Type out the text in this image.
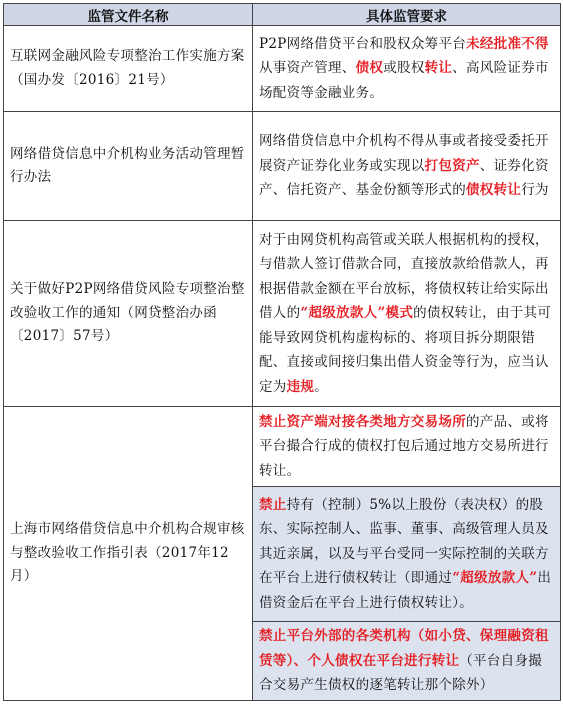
监管文件名称	具体监管要求
互联网金融风险专项整治工作实施方案（国办发〔2016〕21号）	P2P网络借贷平台和股权众筹平台未经批准不得从事资产管理、债权或股权转让、高风险证券市场配资等金融业务。
网络借贷信息中介机构业务活动管理暂行办法	网络借贷信息中介机构不得从事或者接受委托开展资产证券化业务或实现以打包资产、证券化资产、信托资产、基金份额等形式的债权转让行为
关于做好P2P网络借贷风险专项整治整改验收工作的通知（网贷整治办函〔2017〕57号）	对于由网贷机构高管或关联人根据机构的授权，与借款人签订借款合同，直接放款给借款人，再根据借款金额在平台放标，将债权转让给实际出借人的“超级放款人”模式的债权转让，由于其可能导致网贷机构虚构标的、将项目拆分期限错配、直接或间接归集出借人资金等行为，应当认定为违规。
上海市网络借贷信息中介机构合规审核与整改验收工作指引表（2017年12月）	禁止资产端对接各类地方交易场所的产品、或将平台撮合行成的债权打包后通过地方交易所进行转让。
	禁止持有（控制）5%以上股份（表决权）的股东、实际控制人、监事、董事、高级管理人员及其近亲属，以及与平台受同一实际控制的关联方在平台上进行债权转让（即通过“超级放款人”出借资金后在平台上进行债权转让）。
	禁止平台外部的各类机构（如小贷、保理融资租赁等）、个人债权在平台进行转让（平台自身撮合交易产生债权的逐笔转让那个除外）
